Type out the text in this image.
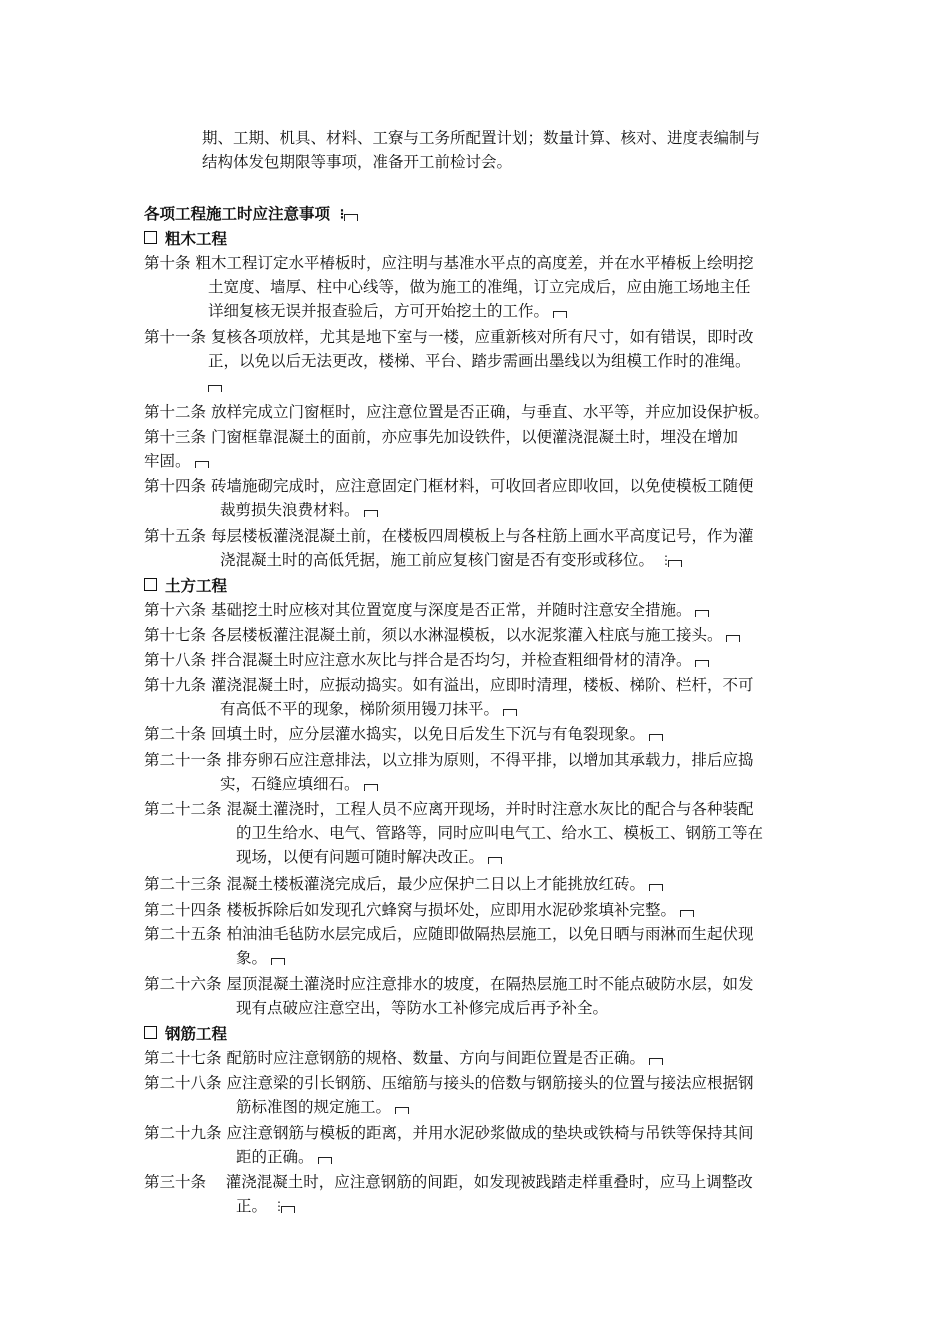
期、工期、机具、材料、工寮与工务所配置计划；数量计算、核对、进度表编制与
结构体发包期限等事项，准备开工前检讨会。
各项工程施工时应注意事项 ⋮
粗木工程
第十条 粗木工程订定水平椿板时，应注明与基准水平点的高度差，并在水平椿板上绘明挖
土宽度、墙厚、柱中心线等，做为施工的准绳，订立完成后，应由施工场地主任
详细复核无误并报查验后，方可开始挖土的工作。
第十一条 复核各项放样，尤其是地下室与一楼，应重新核对所有尺寸，如有错误，即时改
正，以免以后无法更改，楼梯、平台、踏步需画出墨线以为组模工作时的准绳。
第十二条 放样完成立门窗框时，应注意位置是否正确，与垂直、水平等，并应加设保护板。
第十三条 门窗框靠混凝土的面前，亦应事先加设铁件，以便灌浇混凝土时，埋没在增加
牢固。
第十四条 砖墙施砌完成时，应注意固定门框材料，可收回者应即收回，以免使模板工随便
裁剪损失浪费材料。
第十五条 每层楼板灌浇混凝土前，在楼板四周模板上与各柱筋上画水平高度记号，作为灌
浇混凝土时的高低凭据，施工前应复核门窗是否有变形或移位。 ⋮
土方工程
第十六条 基础挖土时应核对其位置宽度与深度是否正常，并随时注意安全措施。
第十七条 各层楼板灌注混凝土前，须以水淋湿模板，以水泥浆灌入柱底与施工接头。
第十八条 拌合混凝土时应注意水灰比与拌合是否均匀，并检查粗细骨材的清净。
第十九条 灌浇混凝土时，应振动捣实。如有溢出，应即时清理，楼板、梯阶、栏杆，不可
有高低不平的现象，梯阶须用镘刀抹平。
第二十条 回填土时，应分层灌水捣实，以免日后发生下沉与有龟裂现象。
第二十一条 排夯卵石应注意排法，以立排为原则，不得平排，以增加其承载力，排后应捣
实，石缝应填细石。
第二十二条 混凝土灌浇时，工程人员不应离开现场，并时时注意水灰比的配合与各种装配
的卫生给水、电气、管路等，同时应叫电气工、给水工、模板工、钢筋工等在
现场，以便有问题可随时解决改正。
第二十三条 混凝土楼板灌浇完成后，最少应保护二日以上才能挑放红砖。
第二十四条 楼板拆除后如发现孔穴蜂窝与损坏处，应即用水泥砂浆填补完整。
第二十五条 柏油油毛毡防水层完成后，应随即做隔热层施工，以免日晒与雨淋而生起伏现
象。
第二十六条 屋顶混凝土灌浇时应注意排水的坡度，在隔热层施工时不能点破防水层，如发
现有点破应注意空出，等防水工补修完成后再予补全。
钢筋工程
第二十七条 配筋时应注意钢筋的规格、数量、方向与间距位置是否正确。
第二十八条 应注意梁的引长钢筋、压缩筋与接头的倍数与钢筋接头的位置与接法应根据钢
筋标准图的规定施工。
第二十九条 应注意钢筋与模板的距离，并用水泥砂浆做成的垫块或铁椅与吊铁等保持其间
距的正确。
第三十条 灌浇混凝土时，应注意钢筋的间距，如发现被践踏走样重叠时，应马上调整改
正。 ⋮
